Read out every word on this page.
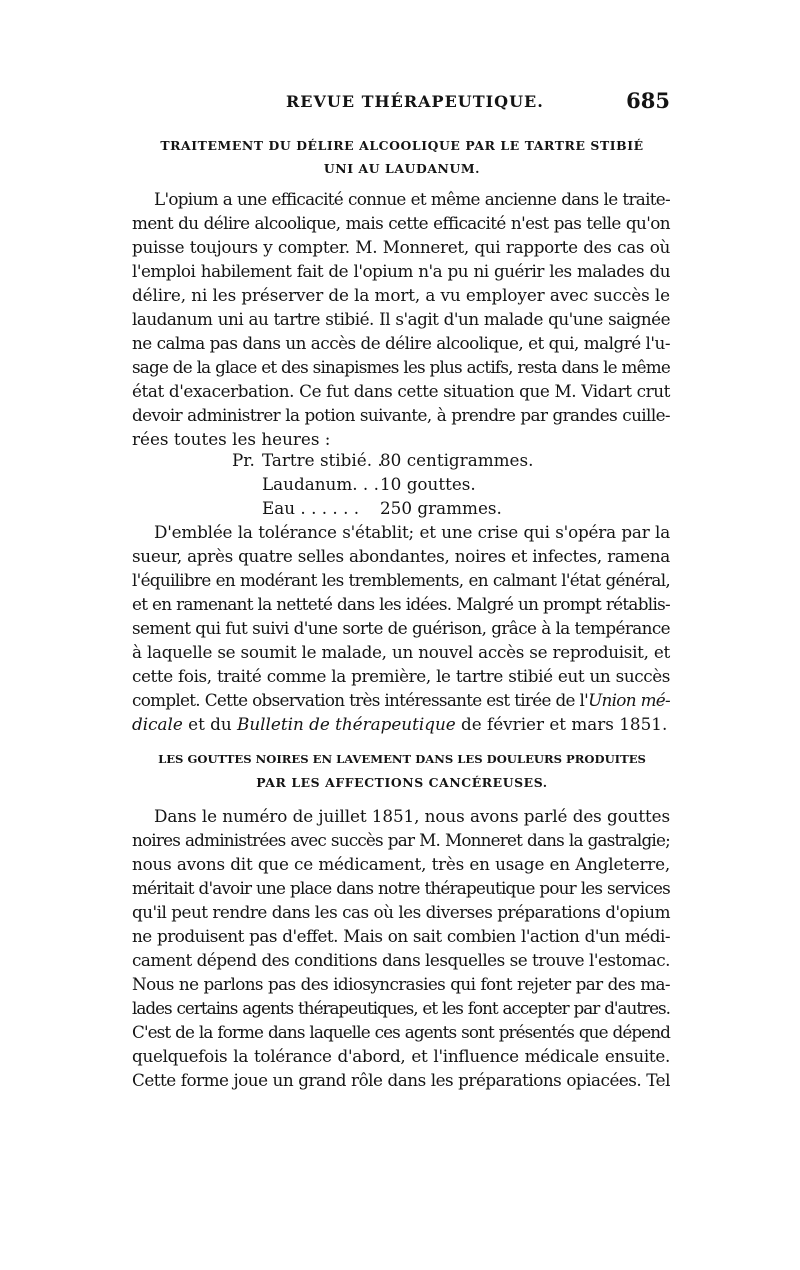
REVUE THÉRAPEUTIQUE.	685
TRAITEMENT DU DÉLIRE ALCOOLIQUE PAR LE TARTRE STIBIÉ
UNI AU LAUDANUM.
L'opium a une efficacité connue et même ancienne dans le traite-
ment du délire alcoolique, mais cette efficacité n'est pas telle qu'on
puisse toujours y compter. M. Monneret, qui rapporte des cas où
l'emploi habilement fait de l'opium n'a pu ni guérir les malades du
délire, ni les préserver de la mort, a vu employer avec succès le
laudanum uni au tartre stibié. Il s'agit d'un malade qu'une saignée
ne calma pas dans un accès de délire alcoolique, et qui, malgré l'u-
sage de la glace et des sinapismes les plus actifs, resta dans le même
état d'exacerbation. Ce fut dans cette situation que M. Vidart crut
devoir administrer la potion suivante, à prendre par grandes cuille-
rées toutes les heures :
Pr. Tartre stibié. .
80 centigrammes.
Laudanum. . . 10 gouttes.
Eau . . . . . . 250 grammes.
D'emblée la tolérance s'établit; et une crise qui s'opéra par la
sueur, après quatre selles abondantes, noires et infectes, ramena
l'équilibre en modérant les tremblements, en calmant l'état général,
et en ramenant la netteté dans les idées. Malgré un prompt rétablis-
sement qui fut suivi d'une sorte de guérison, grâce à la tempérance
à laquelle se soumit le malade, un nouvel accès se reproduisit, et
cette fois, traité comme la première, le tartre stibié eut un succès
complet. Cette observation très intéressante est tirée de l'Union mé-
dicale et du Bulletin de thérapeutique de février et mars 1851.
LES GOUTTES NOIRES EN LAVEMENT DANS LES DOULEURS PRODUITES
PAR LES AFFECTIONS CANCÉREUSES.
Dans le numéro de juillet 1851, nous avons parlé des gouttes
noires administrées avec succès par M. Monneret dans la gastralgie;
nous avons dit que ce médicament, très en usage en Angleterre,
méritait d'avoir une place dans notre thérapeutique pour les services
qu'il peut rendre dans les cas où les diverses préparations d'opium
ne produisent pas d'effet. Mais on sait combien l'action d'un médi-
cament dépend des conditions dans lesquelles se trouve l'estomac.
Nous ne parlons pas des idiosyncrasies qui font rejeter par des ma-
lades certains agents thérapeutiques, et les font accepter par d'autres.
C'est de la forme dans laquelle ces agents sont présentés que dépend
quelquefois la tolérance d'abord, et l'influence médicale ensuite.
Cette forme joue un grand rôle dans les préparations opiacées. Tel
